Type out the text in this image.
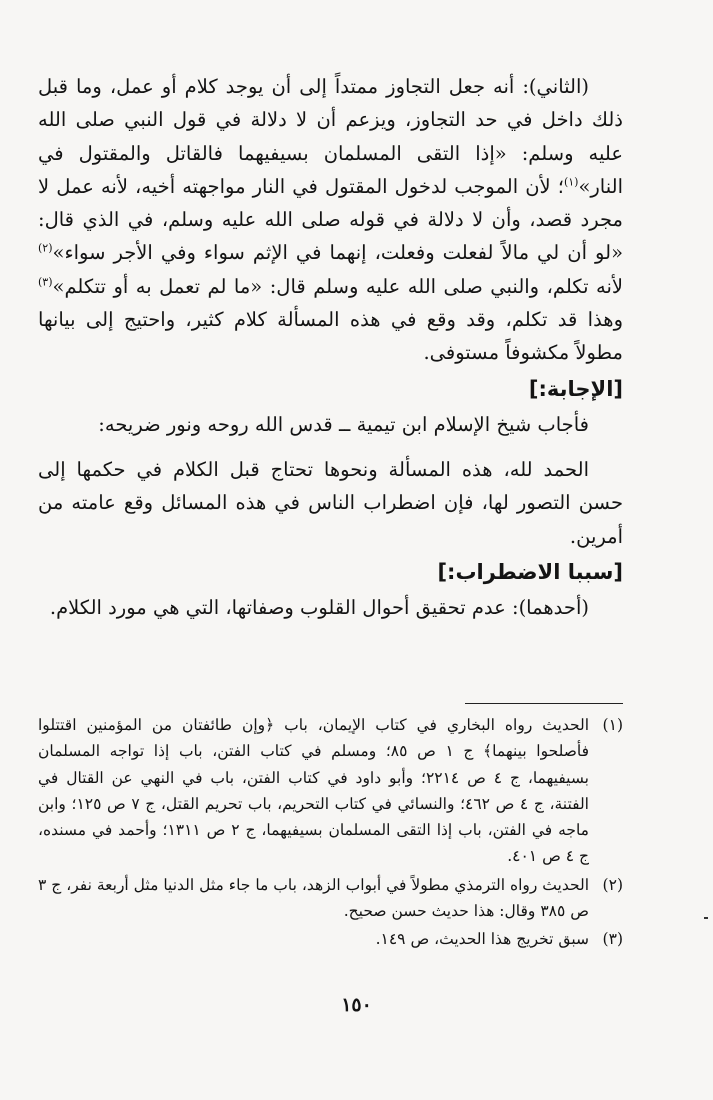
(الثاني): أنه جعل التجاوز ممتداً إلى أن يوجد كلام أو عمل، وما قبل ذلك داخل في حد التجاوز، ويزعم أن لا دلالة في قول النبي صلى الله عليه وسلم: «إذا التقى المسلمان بسيفيهما فالقاتل والمقتول في النار»$^{(١)}$؛ لأن الموجب لدخول المقتول في النار مواجهته أخيه، لأنه عمل لا مجرد قصد، وأن لا دلالة في قوله صلى الله عليه وسلم، في الذي قال: «لو أن لي مالاً لفعلت وفعلت، إنهما في الإثم سواء وفي الأجر سواء»$^{(٢)}$ لأنه تكلم، والنبي صلى الله عليه وسلم قال: «ما لم تعمل به أو تتكلم»$^{(٣)}$ وهذا قد تكلم، وقد وقع في هذه المسألة كلام كثير، واحتيج إلى بيانها مطولاً مكشوفاً مستوفى.

[الإجابة:]

فأجاب شيخ الإسلام ابن تيمية ــ قدس الله روحه ونور ضريحه:

الحمد لله، هذه المسألة ونحوها تحتاج قبل الكلام في حكمها إلى حسن التصور لها، فإن اضطراب الناس في هذه المسائل وقع عامته من أمرين.

[سببا الاضطراب:]

(أحدهما): عدم تحقيق أحوال القلوب وصفاتها، التي هي مورد الكلام.

(١)
الحديث رواه البخاري في كتاب الإيمان، باب ﴿وإن طائفتان من المؤمنين اقتتلوا فأصلحوا بينهما﴾ ج ١ ص ٨٥؛ ومسلم في كتاب الفتن، باب إذا تواجه المسلمان بسيفيهما، ج ٤ ص ٢٢١٤؛ وأبو داود في كتاب الفتن، باب في النهي عن القتال في الفتنة، ج ٤ ص ٤٦٢؛ والنسائي في كتاب التحريم، باب تحريم القتل، ج ٧ ص ١٢٥؛ وابن ماجه في الفتن، باب إذا التقى المسلمان بسيفيهما، ج ٢ ص ١٣١١؛ وأحمد في مسنده، ج ٤ ص ٤٠١.
(٢)
الحديث رواه الترمذي مطولاً في أبواب الزهد، باب ما جاء مثل الدنيا مثل أربعة نفر، ج ٣ ص ٣٨٥ وقال: هذا حديث حسن صحيح.
(٣)
سبق تخريج هذا الحديث، ص ١٤٩.
١٥٠
